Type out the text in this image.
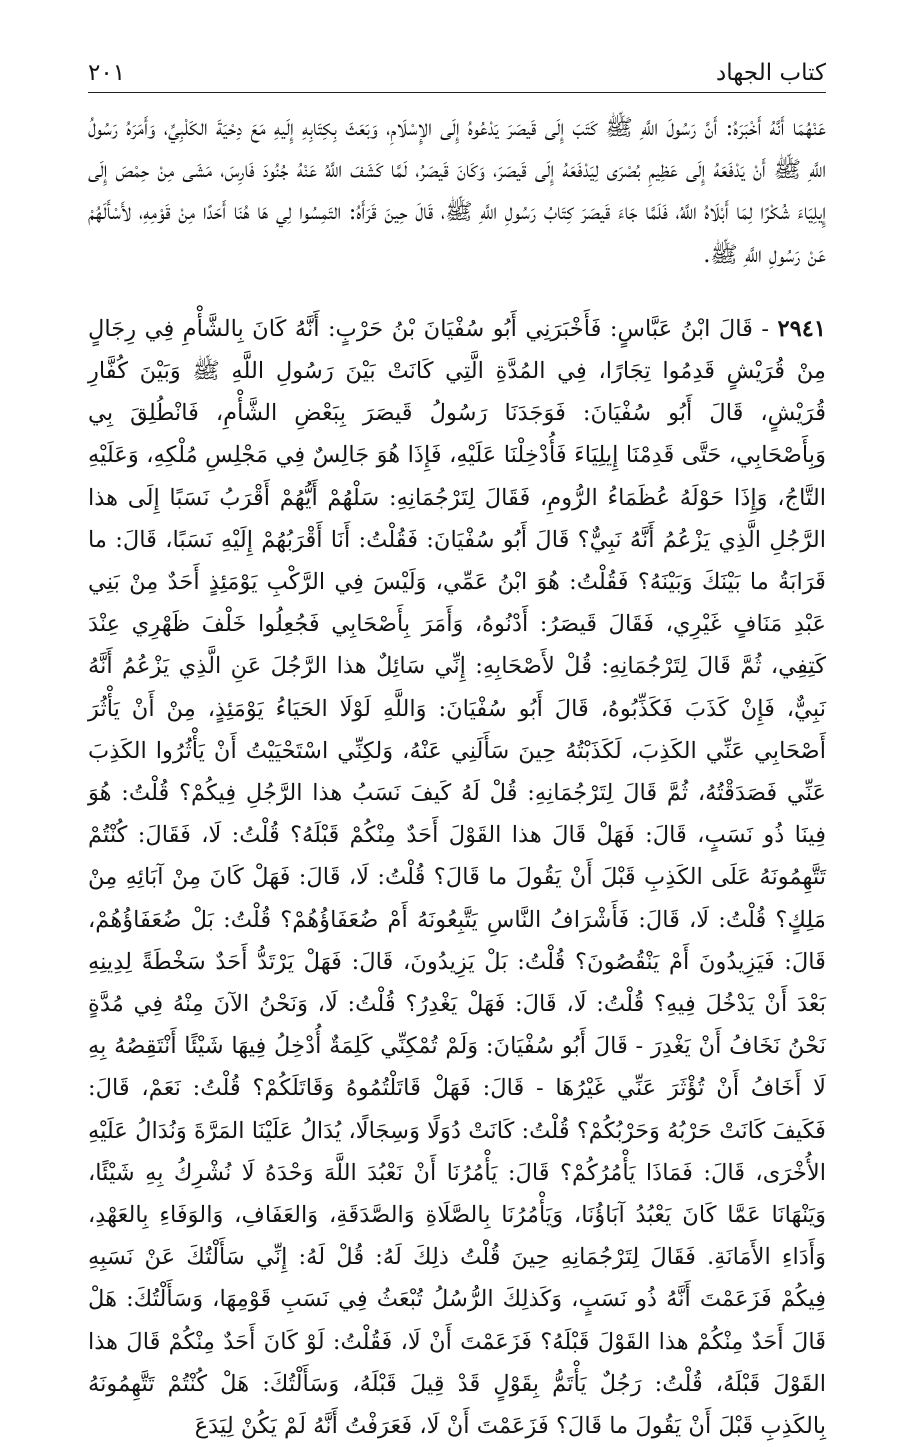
كتاب الجهاد
٢٠١

عَنْهُمَا أَنَّهُ أَخْبَرَهُ: أَنَّ رَسُولَ اللَّهِ ﷺ كَتَبَ إِلَى قَيصَرَ يَدْعُوهُ إِلَى الإِسْلَامِ، وَبَعَثَ بِكِتَابِهِ إِلَيهِ مَعَ دِحْيَةَ الكَلْبِيِّ، وَأَمَرَهُ رَسُولُ اللَّهِ ﷺ أَنْ يَدْفَعَهُ إِلَى عَظِيمِ بُصْرَى لِيَدْفَعَهُ إِلَى قَيصَرَ، وَكَانَ قَيصَرُ، لَمَّا كَشَفَ اللَّهُ عَنْهُ جُنُودَ فَارِسَ، مَشَى مِنْ حِمْصَ إِلَى إِيلِيَاءَ شُكْرًا لِمَا أَبْلَاهُ اللَّهُ، فَلَمَّا جَاءَ قَيصَرَ كِتَابُ رَسُولِ اللَّهِ ﷺ، قَالَ حِينَ قَرَأَهُ: التَمِسُوا لِي هَا هُنَا أَحَدًا مِنْ قَوْمِهِ، لأَسْأَلَهُمْ عَنْ رَسُولِ اللَّهِ ﷺ.

٢٩٤١ - قَالَ ابْنُ عَبَّاسٍ: فَأَخْبَرَنِي أَبُو سُفْيَانَ بْنُ حَرْبٍ: أَنَّهُ كَانَ بِالشَّأْمِ فِي رِجَالٍ مِنْ قُرَيْشٍ قَدِمُوا تِجَارًا، فِي المُدَّةِ الَّتِي كَانَتْ بَيْنَ رَسُولِ اللَّهِ ﷺ وَبَيْنَ كُفَّارِ قُرَيْشٍ، قَالَ أَبُو سُفْيَانَ: فَوَجَدَنَا رَسُولُ قَيصَرَ بِبَعْضِ الشَّأْمِ، فَانْطُلِقَ بِي وَبِأَصْحَابِي، حَتَّى قَدِمْنَا إِيلِيَاءَ فَأُدْخِلْنَا عَلَيْهِ، فَإِذَا هُوَ جَالِسٌ فِي مَجْلِسِ مُلْكِهِ، وَعَلَيْهِ التَّاجُ، وَإِذَا حَوْلَهُ عُظَمَاءُ الرُّومِ، فَقَالَ لِتَرْجُمَانِهِ: سَلْهُمْ أَيُّهُمْ أَقْرَبُ نَسَبًا إِلَى هذا الرَّجُلِ الَّذِي يَزْعُمُ أَنَّهُ نَبِيٌّ؟ قَالَ أَبُو سُفْيَانَ: فَقُلْتُ: أَنَا أَقْرَبُهُمْ إِلَيْهِ نَسَبًا، قَالَ: ما قَرَابَةُ ما بَيْنَكَ وَبَيْنَهُ؟ فَقُلْتُ: هُوَ ابْنُ عَمِّي، وَلَيْسَ فِي الرَّكْبِ يَوْمَئِذٍ أَحَدٌ مِنْ بَنِي عَبْدِ مَنَافٍ غَيْرِي، فَقَالَ قَيصَرُ: أَدْنُوهُ، وَأَمَرَ بِأَصْحَابِي فَجُعِلُوا خَلْفَ ظَهْرِي عِنْدَ كَتِفِي، ثُمَّ قَالَ لِتَرْجُمَانِهِ: قُلْ لأَصْحَابِهِ: إِنِّي سَائِلٌ هذا الرَّجُلَ عَنِ الَّذِي يَزْعُمُ أَنَّهُ نَبِيٌّ، فَإِنْ كَذَبَ فَكَذِّبُوهُ، قَالَ أَبُو سُفْيَانَ: وَاللَّهِ لَوْلَا الحَيَاءُ يَوْمَئِذٍ، مِنْ أَنْ يَأْثُرَ أَصْحَابِي عَنِّي الكَذِبَ، لَكَذَبْتُهُ حِينَ سَأَلَنِي عَنْهُ، وَلكِنِّي اسْتَحْيَيْتُ أَنْ يَأْثُرُوا الكَذِبَ عَنِّي فَصَدَقْتُهُ، ثُمَّ قَالَ لِتَرْجُمَانِهِ: قُلْ لَهُ كَيفَ نَسَبُ هذا الرَّجُلِ فِيكُمْ؟ قُلْتُ: هُوَ فِينَا ذُو نَسَبٍ، قَالَ: فَهَلْ قَالَ هذا القَوْلَ أَحَدٌ مِنْكُمْ قَبْلَهُ؟ قُلْتُ: لَا، فَقَالَ: كُنْتُمْ تَتَّهِمُونَهُ عَلَى الكَذِبِ قَبْلَ أَنْ يَقُولَ ما قَالَ؟ قُلْتُ: لَا، قَالَ: فَهَلْ كَانَ مِنْ آبَائِهِ مِنْ مَلِكٍ؟ قُلْتُ: لَا، قَالَ: فَأَشْرَافُ النَّاسِ يَتَّبِعُونَهُ أَمْ ضُعَفَاؤُهُمْ؟ قُلْتُ: بَلْ ضُعَفَاؤُهُمْ، قَالَ: فَيَزِيدُونَ أَمْ يَنْقُصُونَ؟ قُلْتُ: بَلْ يَزِيدُونَ، قَالَ: فَهَلْ يَرْتَدُّ أَحَدٌ سَخْطَةً لِدِينِهِ بَعْدَ أَنْ يَدْخُلَ فِيهِ؟ قُلْتُ: لَا، قَالَ: فَهَلْ يَغْدِرُ؟ قُلْتُ: لَا، وَنَحْنُ الآنَ مِنْهُ فِي مُدَّةٍ نَحْنُ نَخَافُ أَنْ يَغْدِرَ - قَالَ أَبُو سُفْيَانَ: وَلَمْ تُمْكِنِّي كَلِمَةٌ أُدْخِلُ فِيهَا شَيْئًا أَنْتَقِصُهُ بِهِ لَا أَخَافُ أَنْ تُؤْثَرَ عَنِّي غَيْرُهَا - قَالَ: فَهَلْ قَاتَلْتُمُوهُ وَقَاتَلَكُمْ؟ قُلْتُ: نَعَمْ، قَالَ: فَكَيفَ كَانَتْ حَرْبُهُ وَحَرْبُكُمْ؟ قُلْتُ: كَانَتْ دُوَلًا وَسِجَالًا، يُدَالُ عَلَيْنَا المَرَّةَ وَنُدَالُ عَلَيْهِ الأُخْرَى، قَالَ: فَمَاذَا يَأْمُرُكُمْ؟ قَالَ: يَأْمُرُنَا أَنْ نَعْبُدَ اللَّهَ وَحْدَهُ لَا نُشْرِكُ بِهِ شَيْئًا، وَيَنْهَانَا عَمَّا كَانَ يَعْبُدُ آبَاؤُنَا، وَيَأْمُرُنَا بِالصَّلَاةِ وَالصَّدَقَةِ، وَالعَفَافِ، وَالوَفَاءِ بِالعَهْدِ، وَأَدَاءِ الأَمَانَةِ. فَقَالَ لِتَرْجُمَانِهِ حِينَ قُلْتُ ذلِكَ لَهُ: قُلْ لَهُ: إِنِّي سَأَلْتُكَ عَنْ نَسَبِهِ فِيكُمْ فَزَعَمْتَ أَنَّهُ ذُو نَسَبٍ، وَكَذلِكَ الرُّسُلُ تُبْعَثُ فِي نَسَبِ قَوْمِهَا، وَسَأَلْتُكَ: هَلْ قَالَ أَحَدٌ مِنْكُمْ هذا القَوْلَ قَبْلَهُ؟ فَزَعَمْتَ أَنْ لَا، فَقُلْتُ: لَوْ كَانَ أَحَدٌ مِنْكُمْ قَالَ هذا القَوْلَ قَبْلَهُ، قُلْتُ: رَجُلٌ يَأْتَمُّ بِقَوْلٍ قَدْ قِيلَ قَبْلَهُ، وَسَأَلْتُكَ: هَلْ كُنْتُمْ تَتَّهِمُونَهُ بِالكَذِبِ قَبْلَ أَنْ يَقُولَ ما قَالَ؟ فَزَعَمْتَ أَنْ لَا، فَعَرَفْتُ أَنَّهُ لَمْ يَكُنْ لِيَدَعَ
